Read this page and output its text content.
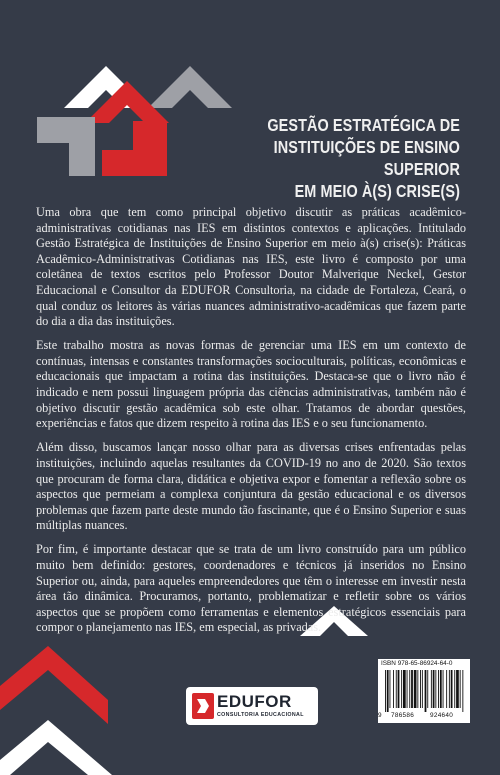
GESTÃO ESTRATÉGICA DE
INSTITUIÇÕES DE ENSINO SUPERIOR
EM MEIO À(S) CRISE(S)

Uma obra que tem como principal objetivo discutir as práticas acadêmico-administrativas cotidianas nas IES em distintos contextos e aplicações. Intitulado Gestão Estratégica de Instituições de Ensino Superior em meio à(s) crise(s): Práticas Acadêmico-Administrativas Cotidianas nas IES, este livro é composto por uma coletânea de textos escritos pelo Professor Doutor Malverique Neckel, Gestor Educacional e Consultor da EDUFOR Consultoria, na cidade de Fortaleza, Ceará, o qual conduz os leitores às várias nuances administrativo-acadêmicas que fazem parte do dia a dia das instituições.

Este trabalho mostra as novas formas de gerenciar uma IES em um contexto de contínuas, intensas e constantes transformações socioculturais, políticas, econômicas e educacionais que impactam a rotina das instituições. Destaca-se que o livro não é indicado e nem possui linguagem própria das ciências administrativas, também não é objetivo discutir gestão acadêmica sob este olhar. Tratamos de abordar questões, experiências e fatos que dizem respeito à rotina das IES e o seu funcionamento.

Além disso, buscamos lançar nosso olhar para as diversas crises enfrentadas pelas instituições, incluindo aquelas resultantes da COVID-19 no ano de 2020. São textos que procuram de forma clara, didática e objetiva expor e fomentar a reflexão sobre os aspectos que permeiam a complexa conjuntura da gestão educacional e os diversos problemas que fazem parte deste mundo tão fascinante, que é o Ensino Superior e suas múltiplas nuances.

Por fim, é importante destacar que se trata de um livro construído para um público muito bem definido: gestores, coordenadores e técnicos já inseridos no Ensino Superior ou, ainda, para aqueles empreendedores que têm o interesse em investir nesta área tão dinâmica. Procuramos, portanto, problematizar e refletir sobre os vários aspectos que se propõem como ferramentas e elementos estratégicos essenciais para compor o planejamento nas IES, em especial, as privadas.

ISBN 978-65-86924-64-0
9 786586 924640
EDUFOR
CONSULTORIA EDUCACIONAL
